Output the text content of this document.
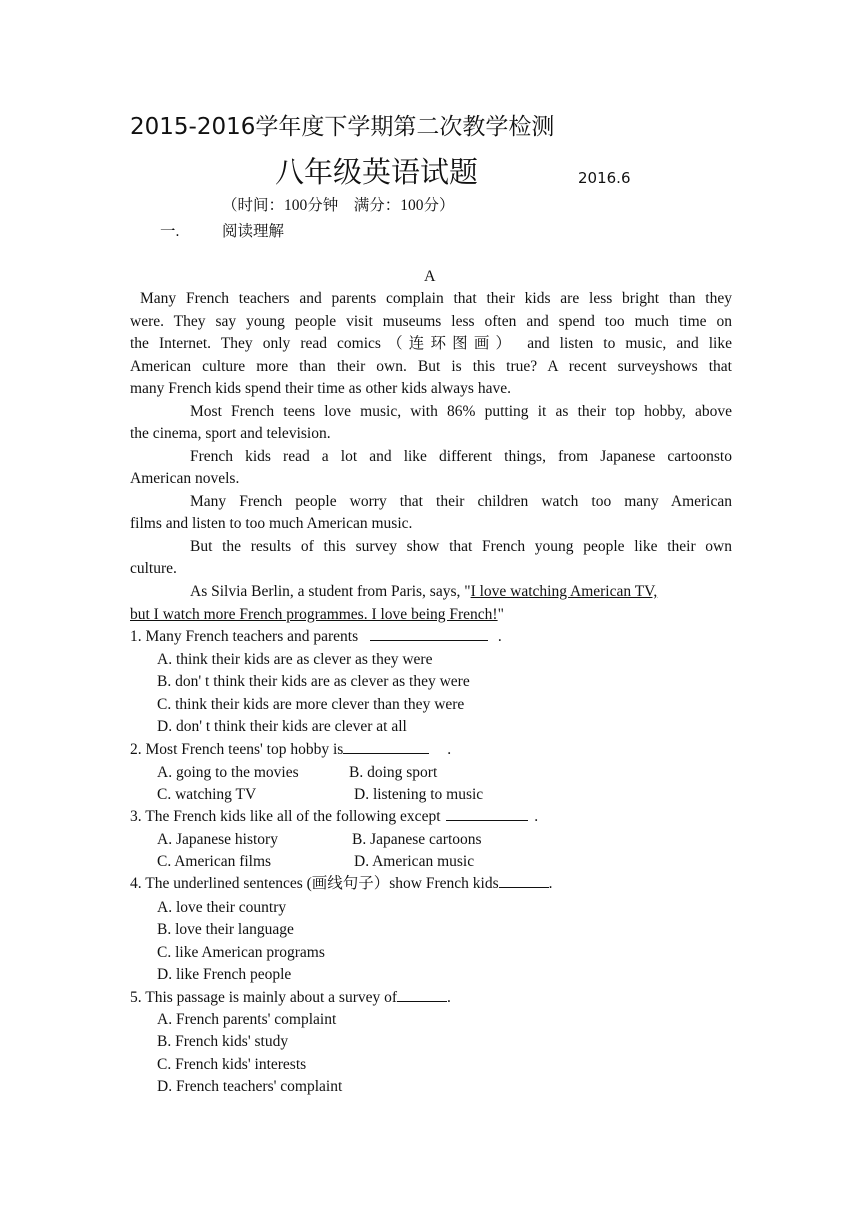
2015-2016学年度下学期第二次教学检测
八年级英语试题	2016.6
（时间：100分钟　满分：100分）
一.	阅读理解
A
Many French teachers and parents complain that their kids are less bright than they
were. They say young people visit museums less often and spend too much time on
the Internet. They only read comics（连环图画） and listen to music, and like
American culture more than their own. But is this true? A recent surveyshows that
many French kids spend their time as other kids always have.
Most French teens love music, with 86% putting it as their top hobby, above
the cinema, sport and television.
French kids read a lot and like different things, from Japanese cartoonsto
American novels.
Many French people worry that their children watch too many American
films and listen to too much American music.
But the results of this survey show that French young people like their own
culture.
As Silvia Berlin, a student from Paris, says, "I love watching American TV,
but I watch more French programmes. I love being French!"
1. Many French teachers and parents	.
A. think their kids are as clever as they were
B. don' t think their kids are as clever as they were
C. think their kids are more clever than they were
D. don' t think their kids are clever at all
2. Most French teens' top hobby is	.
A. going to the movies	B. doing sport
C. watching TV	D. listening to music
3. The French kids like all of the following except	.
A. Japanese history	B. Japanese cartoons
C. American films	D. American music
4. The underlined sentences (画线句子）show French kids	.
A. love their country
B. love their language
C. like American programs
D. like French people
5. This passage is mainly about a survey of	.
A. French parents' complaint
B. French kids' study
C. French kids' interests
D. French teachers' complaint
